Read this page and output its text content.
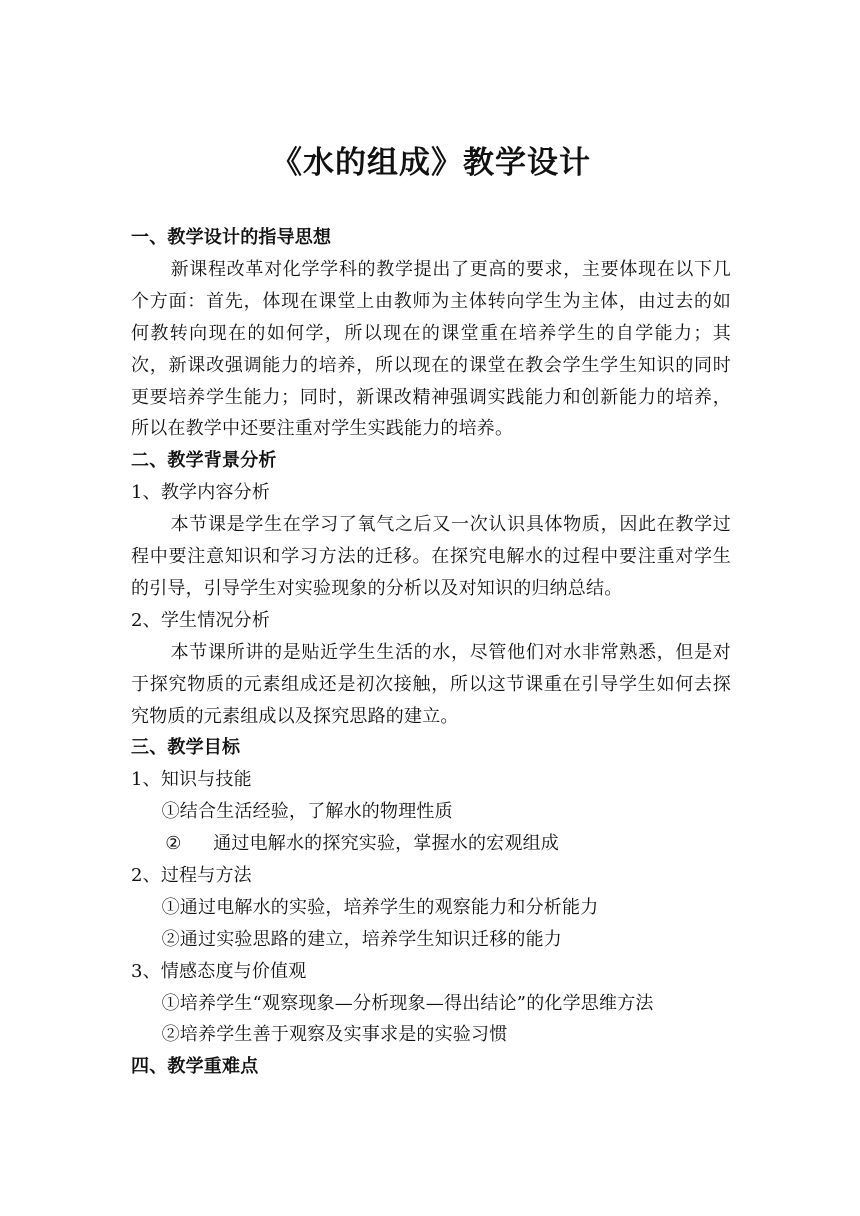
《水的组成》教学设计
一、教学设计的指导思想
新课程改革对化学学科的教学提出了更高的要求，主要体现在以下几个方面：首先，体现在课堂上由教师为主体转向学生为主体，由过去的如何教转向现在的如何学，所以现在的课堂重在培养学生的自学能力；其次，新课改强调能力的培养，所以现在的课堂在教会学生学生知识的同时更要培养学生能力；同时，新课改精神强调实践能力和创新能力的培养，所以在教学中还要注重对学生实践能力的培养。
二、教学背景分析
1、教学内容分析
本节课是学生在学习了氧气之后又一次认识具体物质，因此在教学过程中要注意知识和学习方法的迁移。在探究电解水的过程中要注重对学生的引导，引导学生对实验现象的分析以及对知识的归纳总结。
2、学生情况分析
本节课所讲的是贴近学生生活的水，尽管他们对水非常熟悉，但是对于探究物质的元素组成还是初次接触，所以这节课重在引导学生如何去探究物质的元素组成以及探究思路的建立。
三、教学目标
1、知识与技能
①结合生活经验，了解水的物理性质
② 通过电解水的探究实验，掌握水的宏观组成
2、过程与方法
①通过电解水的实验，培养学生的观察能力和分析能力
②通过实验思路的建立，培养学生知识迁移的能力
3、情感态度与价值观
①培养学生“观察现象—分析现象—得出结论”的化学思维方法
②培养学生善于观察及实事求是的实验习惯
四、教学重难点
